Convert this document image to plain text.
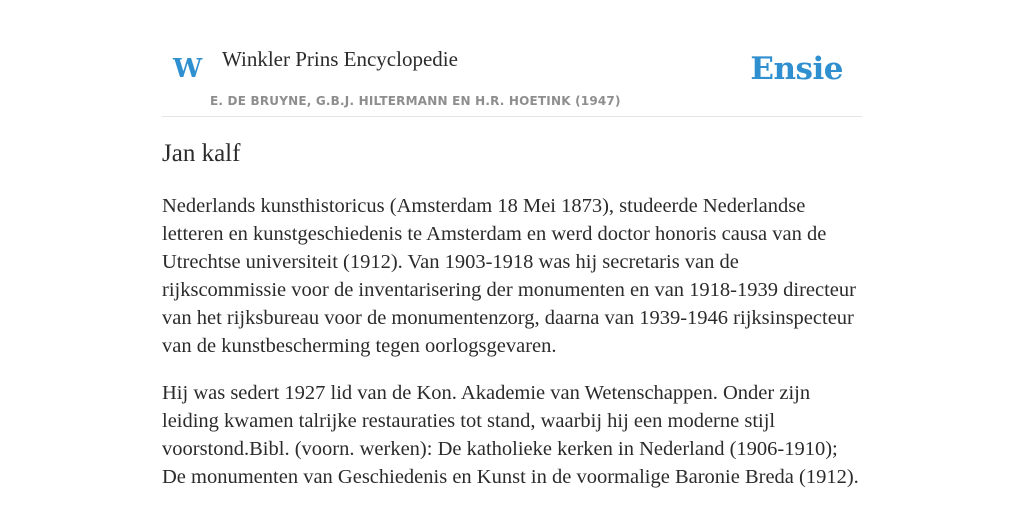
W Winkler Prins Encyclopedie
E. DE BRUYNE, G.B.J. HILTERMANN EN H.R. HOETINK (1947)
Ensie
Jan kalf

Nederlands kunsthistoricus (Amsterdam 18 Mei 1873), studeerde Nederlandse letteren en kunstgeschiedenis te Amsterdam en werd doctor honoris causa van de Utrechtse universiteit (1912). Van 1903-1918 was hij secretaris van de rijkscommissie voor de inventarisering der monumenten en van 1918-1939 directeur van het rijksbureau voor de monumentenzorg, daarna van 1939-1946 rijksinspecteur van de kunstbescherming tegen oorlogsgevaren.

Hij was sedert 1927 lid van de Kon. Akademie van Wetenschappen. Onder zijn leiding kwamen talrijke restauraties tot stand, waarbij hij een moderne stijl voorstond.Bibl. (voorn. werken): De katholieke kerken in Nederland (1906-1910); De monumenten van Geschiedenis en Kunst in de voormalige Baronie Breda (1912).
